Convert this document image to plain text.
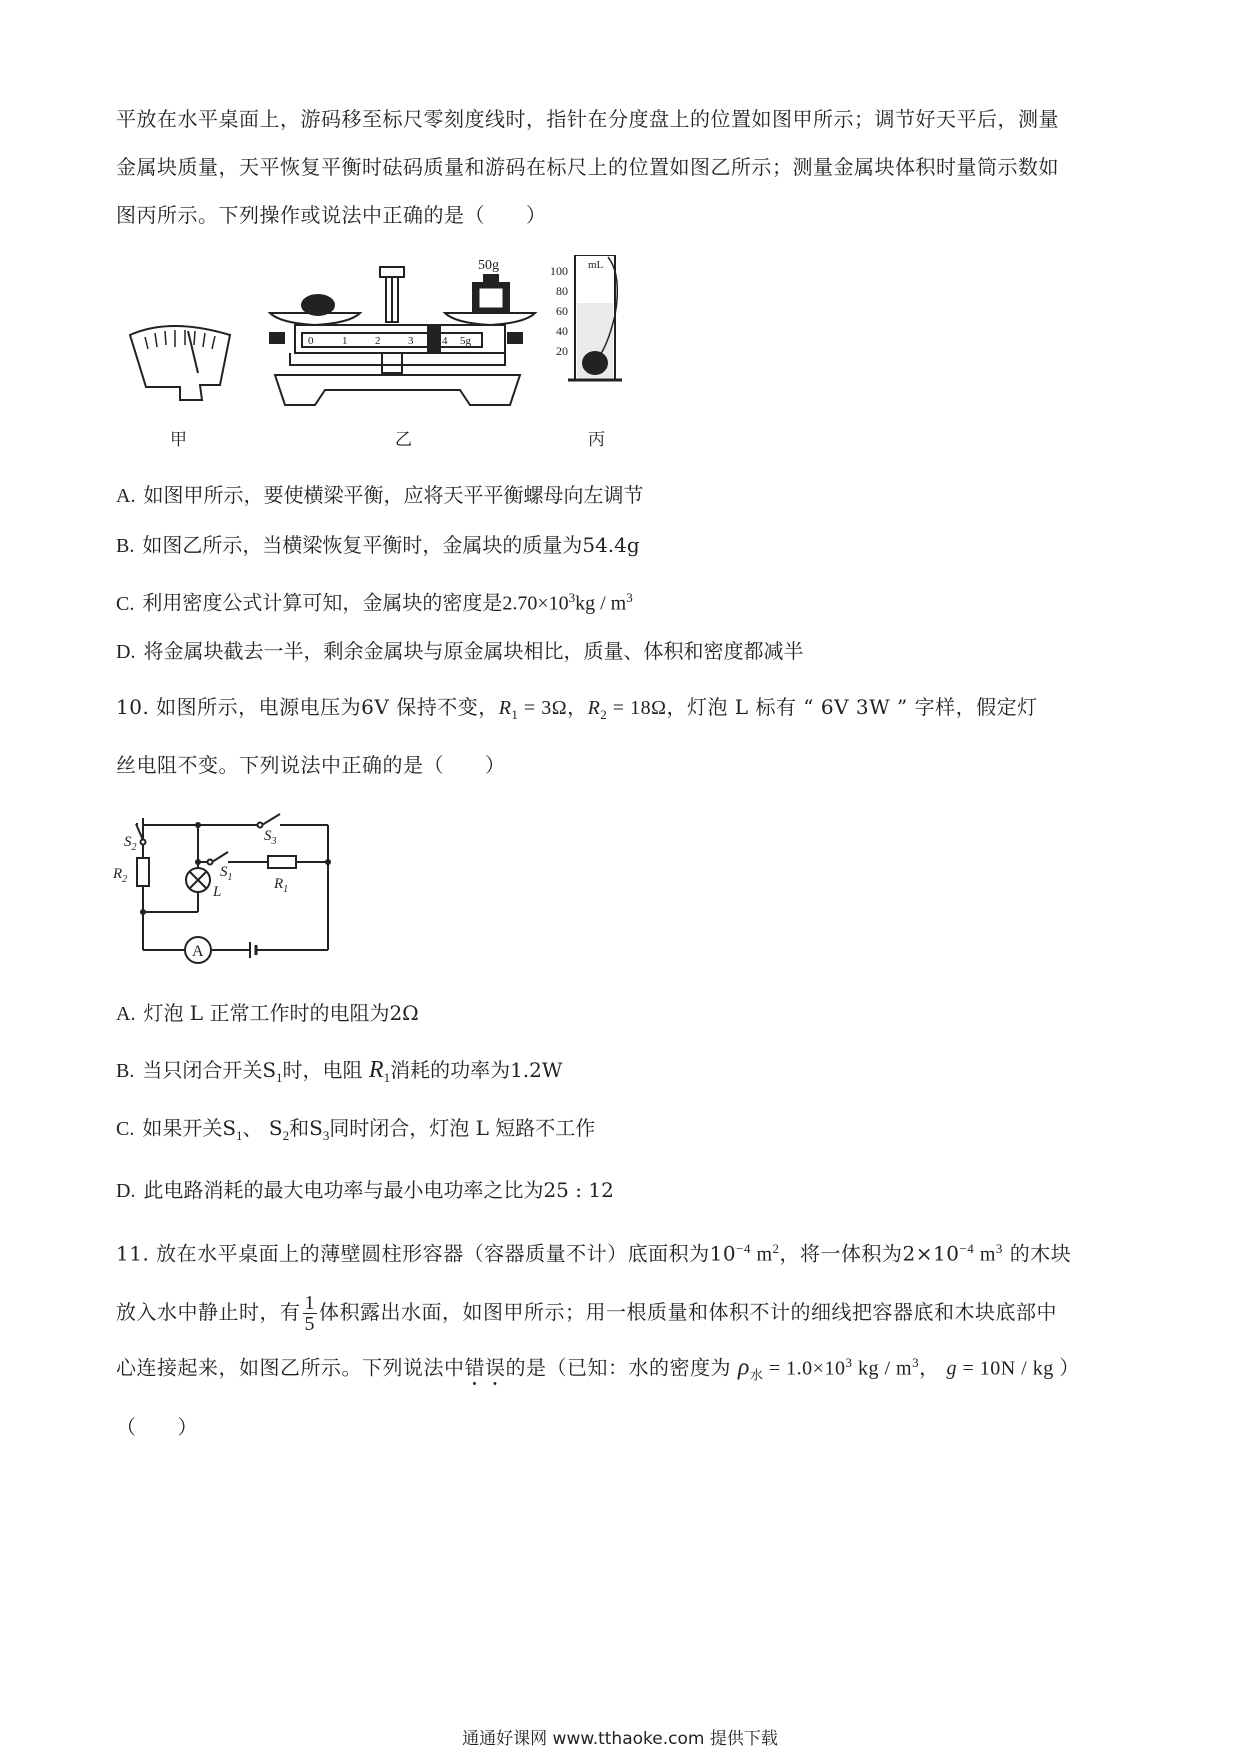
平放在水平桌面上，游码移至标尺零刻度线时，指针在分度盘上的位置如图甲所示；调节好天平后，测量
金属块质量，天平恢复平衡时砝码质量和游码在标尺上的位置如图乙所示；测量金属块体积时量筒示数如
图丙所示。下列操作或说法中正确的是（　　）
甲
50g
0	1	2	3	4 5g
乙
100
80
60
40
20
mL
丙
A. 如图甲所示，要使横梁平衡，应将天平平衡螺母向左调节
B. 如图乙所示，当横梁恢复平衡时，金属块的质量为54.4g
C. 利用密度公式计算可知，金属块的密度是$2.70\times 10^3kg / m^3$
D. 将金属块截去一半，剩余金属块与原金属块相比，质量、体积和密度都减半
10. 如图所示，电源电压为6V 保持不变，$R_1 = 3\Omega$，$R_2 = 18\Omega$，灯泡 L 标有 “ 6V 3W ” 字样，假定灯
丝电阻不变。下列说法中正确的是（　　）
$S_2$
$S_3$
$S_1$
$R_2$	$R_1$
L
A
A. 灯泡 L 正常工作时的电阻为2Ω
B. 当只闭合开关$S_1$时，电阻 $R_1$消耗的功率为1.2W
C. 如果开关$S_1$、 $S_2$和$S_3$同时闭合，灯泡 L 短路不工作
D. 此电路消耗的最大电功率与最小电功率之比为25 : 12
11. 放在水平桌面上的薄壁圆柱形容器（容器质量不计）底面积为$10^{-4}$ $m^2$，将一体积为$2\times 10^{-4}$ $m^3$ 的木块
放入水中静止时，有 $\frac{1}{5}$ 体积露出水面，如图甲所示；用一根质量和体积不计的细线把容器底和木块底部中
心连接起来，如图乙所示。下列说法中错误的是（已知：水的密度为 $\rho_水 = 1.0\times 10^3$ kg / $m^3$， g = 10N / kg ）
（　　）
通通好课网 www.tthaoke.com 提供下载
